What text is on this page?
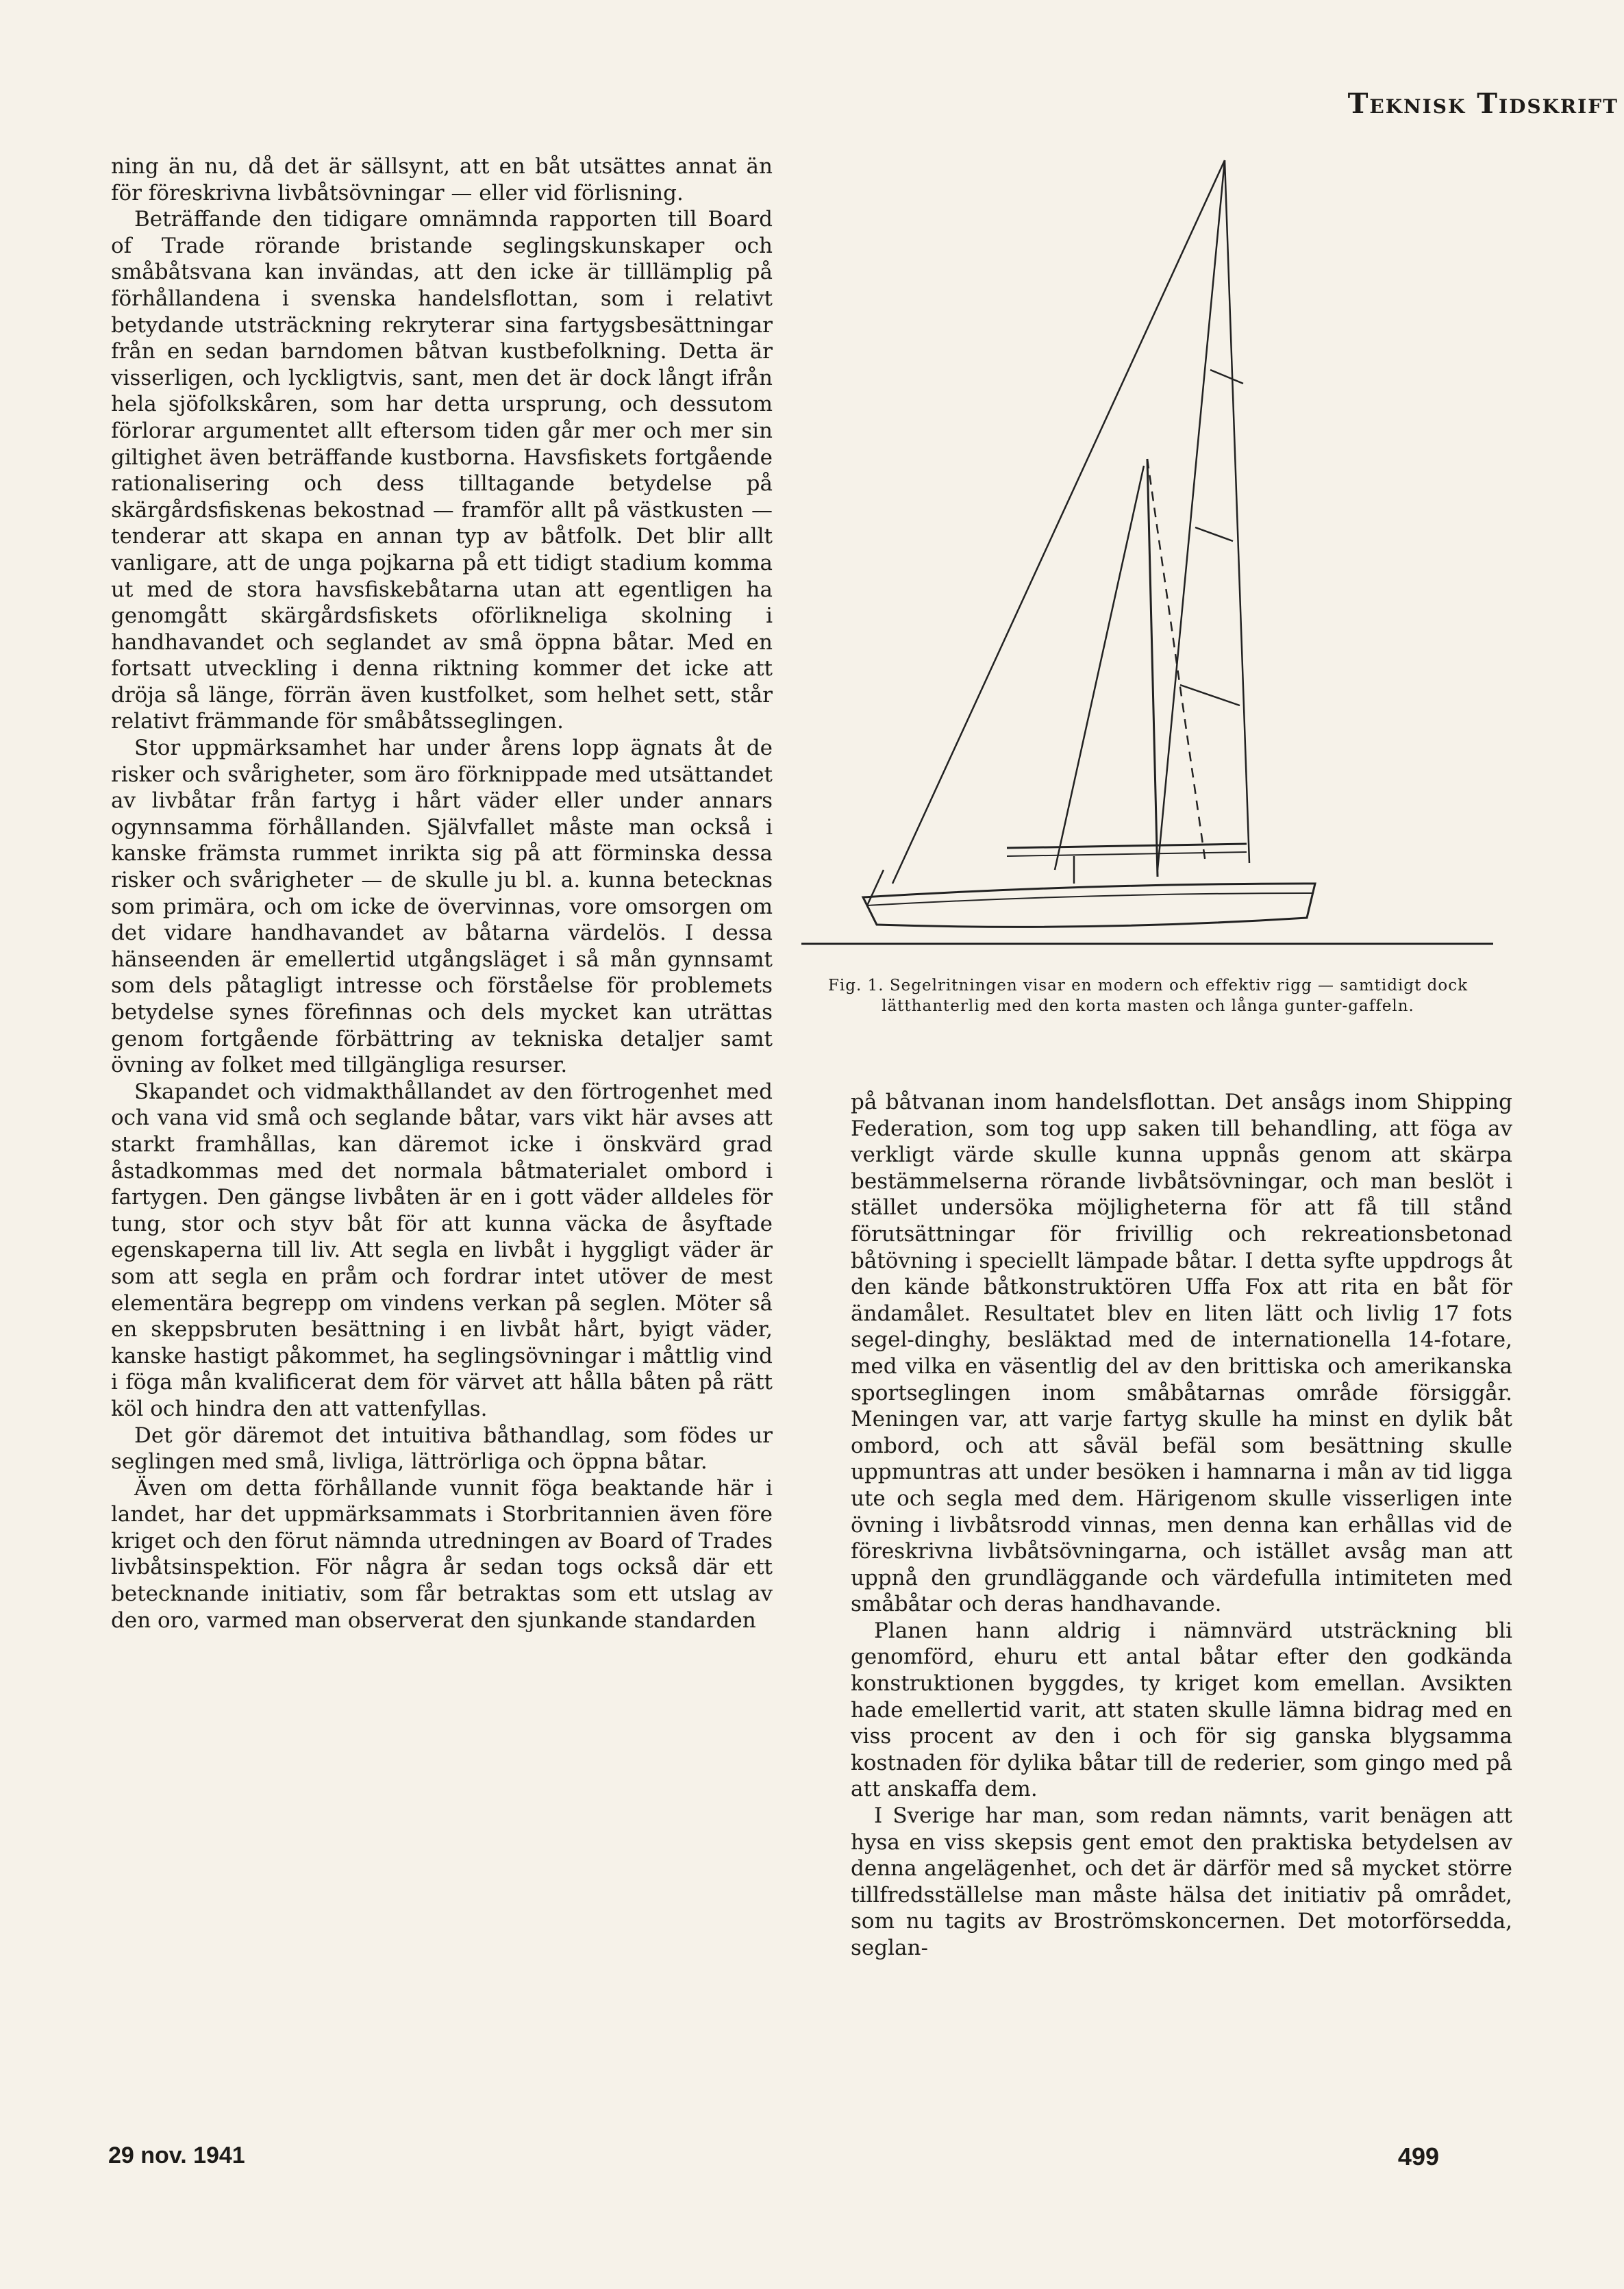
Teknisk Tidskrift

ning än nu, då det är sällsynt, att en båt utsättes annat än för föreskrivna livbåtsövningar — eller vid förlisning.

Beträffande den tidigare omnämnda rapporten till Board of Trade rörande bristande seglingskunskaper och småbåtsvana kan invändas, att den icke är tilllämplig på förhållandena i svenska handelsflottan, som i relativt betydande utsträckning rekryterar sina fartygsbesättningar från en sedan barndomen båtvan kustbefolkning. Detta är visserligen, och lyckligtvis, sant, men det är dock långt ifrån hela sjöfolkskåren, som har detta ursprung, och dessutom förlorar argumentet allt eftersom tiden går mer och mer sin giltighet även beträffande kustborna. Havsfiskets fortgående rationalisering och dess tilltagande betydelse på skärgårdsfiskenas bekostnad — framför allt på västkusten — tenderar att skapa en annan typ av båtfolk. Det blir allt vanligare, att de unga pojkarna på ett tidigt stadium komma ut med de stora havsfiskebåtarna utan att egentligen ha genomgått skärgårdsfiskets oförlikneliga skolning i handhavandet och seglandet av små öppna båtar. Med en fortsatt utveckling i denna riktning kommer det icke att dröja så länge, förrän även kustfolket, som helhet sett, står relativt främmande för småbåtsseglingen.

Stor uppmärksamhet har under årens lopp ägnats åt de risker och svårigheter, som äro förknippade med utsättandet av livbåtar från fartyg i hårt väder eller under annars ogynnsamma förhållanden. Självfallet måste man också i kanske främsta rummet inrikta sig på att förminska dessa risker och svårigheter — de skulle ju bl. a. kunna betecknas som primära, och om icke de övervinnas, vore omsorgen om det vidare handhavandet av båtarna värdelös. I dessa hänseenden är emellertid utgångsläget i så mån gynnsamt som dels påtagligt intresse och förståelse för problemets betydelse synes förefinnas och dels mycket kan uträttas genom fortgående förbättring av tekniska detaljer samt övning av folket med tillgängliga resurser.

Skapandet och vidmakthållandet av den förtrogenhet med och vana vid små och seglande båtar, vars vikt här avses att starkt framhållas, kan däremot icke i önskvärd grad åstadkommas med det normala båtmaterialet ombord i fartygen. Den gängse livbåten är en i gott väder alldeles för tung, stor och styv båt för att kunna väcka de åsyftade egenskaperna till liv. Att segla en livbåt i hyggligt väder är som att segla en pråm och fordrar intet utöver de mest elementära begrepp om vindens verkan på seglen. Möter så en skeppsbruten besättning i en livbåt hårt, byigt väder, kanske hastigt påkommet, ha seglingsövningar i måttlig vind i föga mån kvalificerat dem för värvet att hålla båten på rätt köl och hindra den att vattenfyllas.

Det gör däremot det intuitiva båthandlag, som födes ur seglingen med små, livliga, lättrörliga och öppna båtar.

Även om detta förhållande vunnit föga beaktande här i landet, har det uppmärksammats i Storbritannien även före kriget och den förut nämnda utredningen av Board of Trades livbåtsinspektion. För några år sedan togs också där ett betecknande initiativ, som får betraktas som ett utslag av den oro, varmed man observerat den sjunkande standarden

Fig. 1. Segelritningen visar en modern och effektiv rigg — samtidigt dock lätthanterlig med den korta masten och långa gunter-gaffeln.

på båtvanan inom handelsflottan. Det ansågs inom Shipping Federation, som tog upp saken till behandling, att föga av verkligt värde skulle kunna uppnås genom att skärpa bestämmelserna rörande livbåtsövningar, och man beslöt i stället undersöka möjligheterna för att få till stånd förutsättningar för frivillig och rekreationsbetonad båtövning i speciellt lämpade båtar. I detta syfte uppdrogs åt den kände båtkonstruktören Uffa Fox att rita en båt för ändamålet. Resultatet blev en liten lätt och livlig 17 fots segel-dinghy, besläktad med de internationella 14-fotare, med vilka en väsentlig del av den brittiska och amerikanska sportseglingen inom småbåtarnas område försiggår. Meningen var, att varje fartyg skulle ha minst en dylik båt ombord, och att såväl befäl som besättning skulle uppmuntras att under besöken i hamnarna i mån av tid ligga ute och segla med dem. Härigenom skulle visserligen inte övning i livbåtsrodd vinnas, men denna kan erhållas vid de föreskrivna livbåtsövningarna, och istället avsåg man att uppnå den grundläggande och värdefulla intimiteten med småbåtar och deras handhavande.

Planen hann aldrig i nämnvärd utsträckning bli genomförd, ehuru ett antal båtar efter den godkända konstruktionen byggdes, ty kriget kom emellan. Avsikten hade emellertid varit, att staten skulle lämna bidrag med en viss procent av den i och för sig ganska blygsamma kostnaden för dylika båtar till de rederier, som gingo med på att anskaffa dem.

I Sverige har man, som redan nämnts, varit benägen att hysa en viss skepsis gent emot den praktiska betydelsen av denna angelägenhet, och det är därför med så mycket större tillfredsställelse man måste hälsa det initiativ på området, som nu tagits av Broströmskoncernen. Det motorförsedda, seglan-

29 nov. 1941	499
